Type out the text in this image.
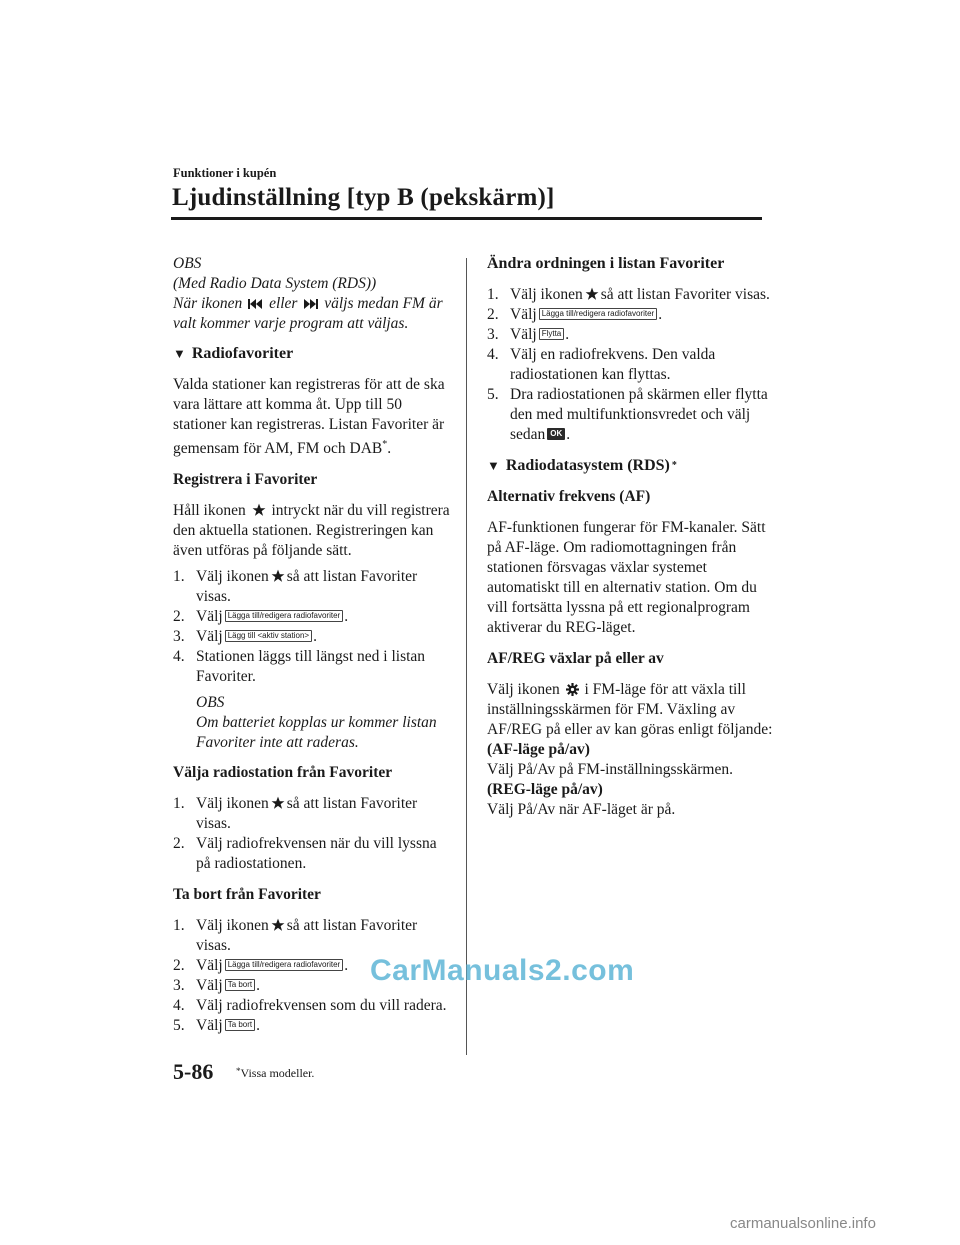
Funktioner i kupén
Ljudinställning [typ B (pekskärm)]
OBS
(Med Radio Data System (RDS))
När ikonen eller väljs medan FM är
valt kommer varje program att väljas.
▼ Radiofavoriter

Valda stationer kan registreras för att de ska vara lättare att komma åt. Upp till 50 stationer kan registreras. Listan Favoriter är gemensam för AM, FM och DAB*.

Registrera i Favoriter

Håll ikonen intryckt när du vill registrera den aktuella stationen. Registreringen kan även utföras på följande sätt.

1. Välj ikonen så att listan Favoriter visas.
2. Välj Lägga till/redigera radiofavoriter .
3. Välj Lägg till <aktiv station> .
4. Stationen läggs till längst ned i listan Favoriter.
OBS
Om batteriet kopplas ur kommer listan Favoriter inte att raderas.
Välja radiostation från Favoriter
1. Välj ikonen så att listan Favoriter visas.
2. Välj radiofrekvensen när du vill lyssna på radiostationen.
Ta bort från Favoriter
1. Välj ikonen så att listan Favoriter visas.
2. Välj Lägga till/redigera radiofavoriter .
3. Välj Ta bort .
4. Välj radiofrekvensen som du vill radera.
5. Välj Ta bort .
Ändra ordningen i listan Favoriter
1. Välj ikonen så att listan Favoriter visas.
2. Välj Lägga till/redigera radiofavoriter .
3. Välj Flytta .
4. Välj en radiofrekvens. Den valda radiostationen kan flyttas.
5. Dra radiostationen på skärmen eller flytta den med multifunktionsvredet och välj sedan OK .
▼ Radiodatasystem (RDS) *
Alternativ frekvens (AF)

AF-funktionen fungerar för FM-kanaler. Sätt på AF-läge. Om radiomottagningen från stationen försvagas växlar systemet automatiskt till en alternativ station. Om du vill fortsätta lyssna på ett regionalprogram aktiverar du REG-läget.

AF/REG växlar på eller av

Välj ikonen i FM-läge för att växla till inställningsskärmen för FM. Växling av AF/REG på eller av kan göras enligt följande:

(AF-läge på/av)
Välj På/Av på FM-inställningsskärmen.
(REG-läge på/av)
Välj På/Av när AF-läget är på.
CarManuals2.com
5-86	*Vissa modeller.
carmanualsonline.info
